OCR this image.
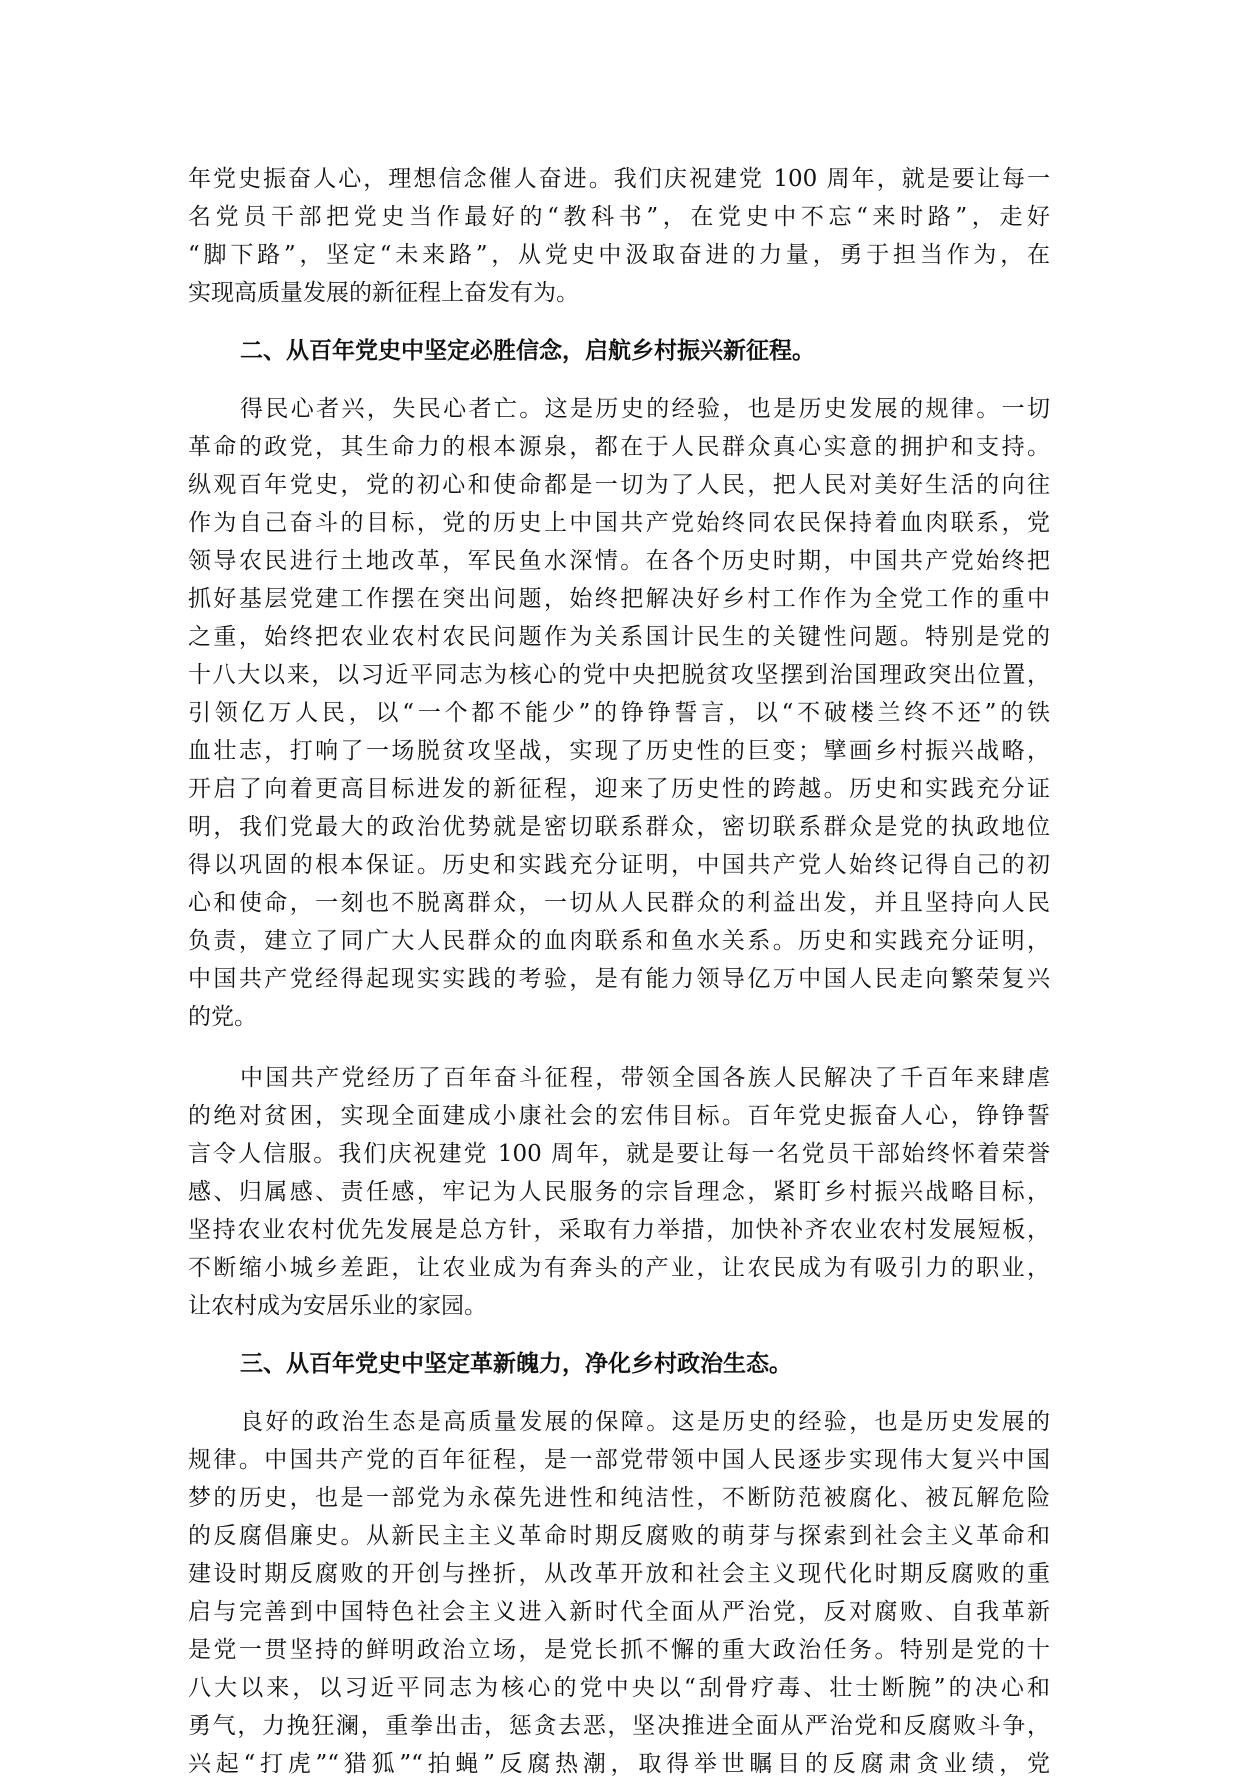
年党史振奋人心，理想信念催人奋进。我们庆祝建党 100 周年，就是要让每一
名党员干部把党史当作最好的“教科书”，在党史中不忘“来时路”，走好
“脚下路”，坚定“未来路”，从党史中汲取奋进的力量，勇于担当作为，在
实现高质量发展的新征程上奋发有为。
二、从百年党史中坚定必胜信念，启航乡村振兴新征程。
得民心者兴，失民心者亡。这是历史的经验，也是历史发展的规律。一切
革命的政党，其生命力的根本源泉，都在于人民群众真心实意的拥护和支持。
纵观百年党史，党的初心和使命都是一切为了人民，把人民对美好生活的向往
作为自己奋斗的目标，党的历史上中国共产党始终同农民保持着血肉联系，党
领导农民进行土地改革，军民鱼水深情。在各个历史时期，中国共产党始终把
抓好基层党建工作摆在突出问题，始终把解决好乡村工作作为全党工作的重中
之重，始终把农业农村农民问题作为关系国计民生的关键性问题。特别是党的
十八大以来，以习近平同志为核心的党中央把脱贫攻坚摆到治国理政突出位置，
引领亿万人民，以“一个都不能少”的铮铮誓言，以“不破楼兰终不还”的铁
血壮志，打响了一场脱贫攻坚战，实现了历史性的巨变；擘画乡村振兴战略，
开启了向着更高目标进发的新征程，迎来了历史性的跨越。历史和实践充分证
明，我们党最大的政治优势就是密切联系群众，密切联系群众是党的执政地位
得以巩固的根本保证。历史和实践充分证明，中国共产党人始终记得自己的初
心和使命，一刻也不脱离群众，一切从人民群众的利益出发，并且坚持向人民
负责，建立了同广大人民群众的血肉联系和鱼水关系。历史和实践充分证明，
中国共产党经得起现实实践的考验，是有能力领导亿万中国人民走向繁荣复兴
的党。
中国共产党经历了百年奋斗征程，带领全国各族人民解决了千百年来肆虐
的绝对贫困，实现全面建成小康社会的宏伟目标。百年党史振奋人心，铮铮誓
言令人信服。我们庆祝建党 100 周年，就是要让每一名党员干部始终怀着荣誉
感、归属感、责任感，牢记为人民服务的宗旨理念，紧盯乡村振兴战略目标，
坚持农业农村优先发展是总方针，采取有力举措，加快补齐农业农村发展短板，
不断缩小城乡差距，让农业成为有奔头的产业，让农民成为有吸引力的职业，
让农村成为安居乐业的家园。
三、从百年党史中坚定革新魄力，净化乡村政治生态。
良好的政治生态是高质量发展的保障。这是历史的经验，也是历史发展的
规律。中国共产党的百年征程，是一部党带领中国人民逐步实现伟大复兴中国
梦的历史，也是一部党为永葆先进性和纯洁性，不断防范被腐化、被瓦解危险
的反腐倡廉史。从新民主主义革命时期反腐败的萌芽与探索到社会主义革命和
建设时期反腐败的开创与挫折，从改革开放和社会主义现代化时期反腐败的重
启与完善到中国特色社会主义进入新时代全面从严治党，反对腐败、自我革新
是党一贯坚持的鲜明政治立场，是党长抓不懈的重大政治任务。特别是党的十
八大以来，以习近平同志为核心的党中央以“刮骨疗毒、壮士断腕”的决心和
勇气，力挽狂澜，重拳出击，惩贪去恶，坚决推进全面从严治党和反腐败斗争，
兴起“打虎”“猎狐”“拍蝇”反腐热潮，取得举世瞩目的反腐肃贪业绩，党
